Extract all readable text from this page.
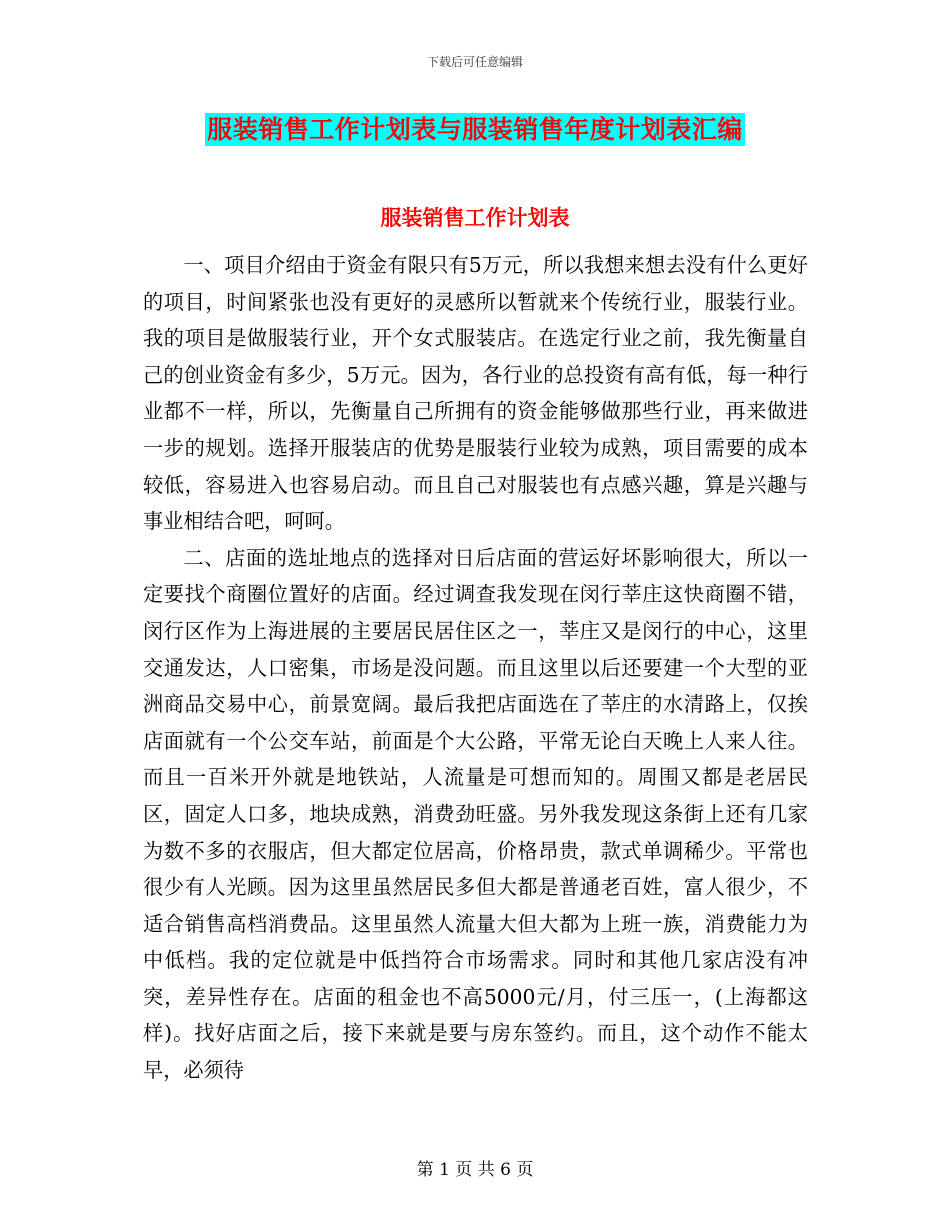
下载后可任意编辑
服装销售工作计划表与服装销售年度计划表汇编
服装销售工作计划表

一、项目介绍由于资金有限只有5万元，所以我想来想去没有什么更好的项目，时间紧张也没有更好的灵感所以暂就来个传统行业，服装行业。我的项目是做服装行业，开个女式服装店。在选定行业之前，我先衡量自己的创业资金有多少，5万元。因为，各行业的总投资有高有低，每一种行业都不一样，所以，先衡量自己所拥有的资金能够做那些行业，再来做进一步的规划。选择开服装店的优势是服装行业较为成熟，项目需要的成本较低，容易进入也容易启动。而且自己对服装也有点感兴趣，算是兴趣与事业相结合吧，呵呵。

二、店面的选址地点的选择对日后店面的营运好坏影响很大，所以一定要找个商圈位置好的店面。经过调查我发现在闵行莘庄这快商圈不错，闵行区作为上海进展的主要居民居住区之一，莘庄又是闵行的中心，这里交通发达，人口密集，市场是没问题。而且这里以后还要建一个大型的亚洲商品交易中心，前景宽阔。最后我把店面选在了莘庄的水清路上，仅挨店面就有一个公交车站，前面是个大公路，平常无论白天晚上人来人往。而且一百米开外就是地铁站，人流量是可想而知的。周围又都是老居民区，固定人口多，地块成熟，消费劲旺盛。另外我发现这条街上还有几家为数不多的衣服店，但大都定位居高，价格昂贵，款式单调稀少。平常也很少有人光顾。因为这里虽然居民多但大都是普通老百姓，富人很少，不适合销售高档消费品。这里虽然人流量大但大都为上班一族，消费能力为中低档。我的定位就是中低挡符合市场需求。同时和其他几家店没有冲突，差异性存在。店面的租金也不高5000元/月，付三压一，(上海都这样)。找好店面之后，接下来就是要与房东签约。而且，这个动作不能太早，必须待

第 1 页 共 6 页
